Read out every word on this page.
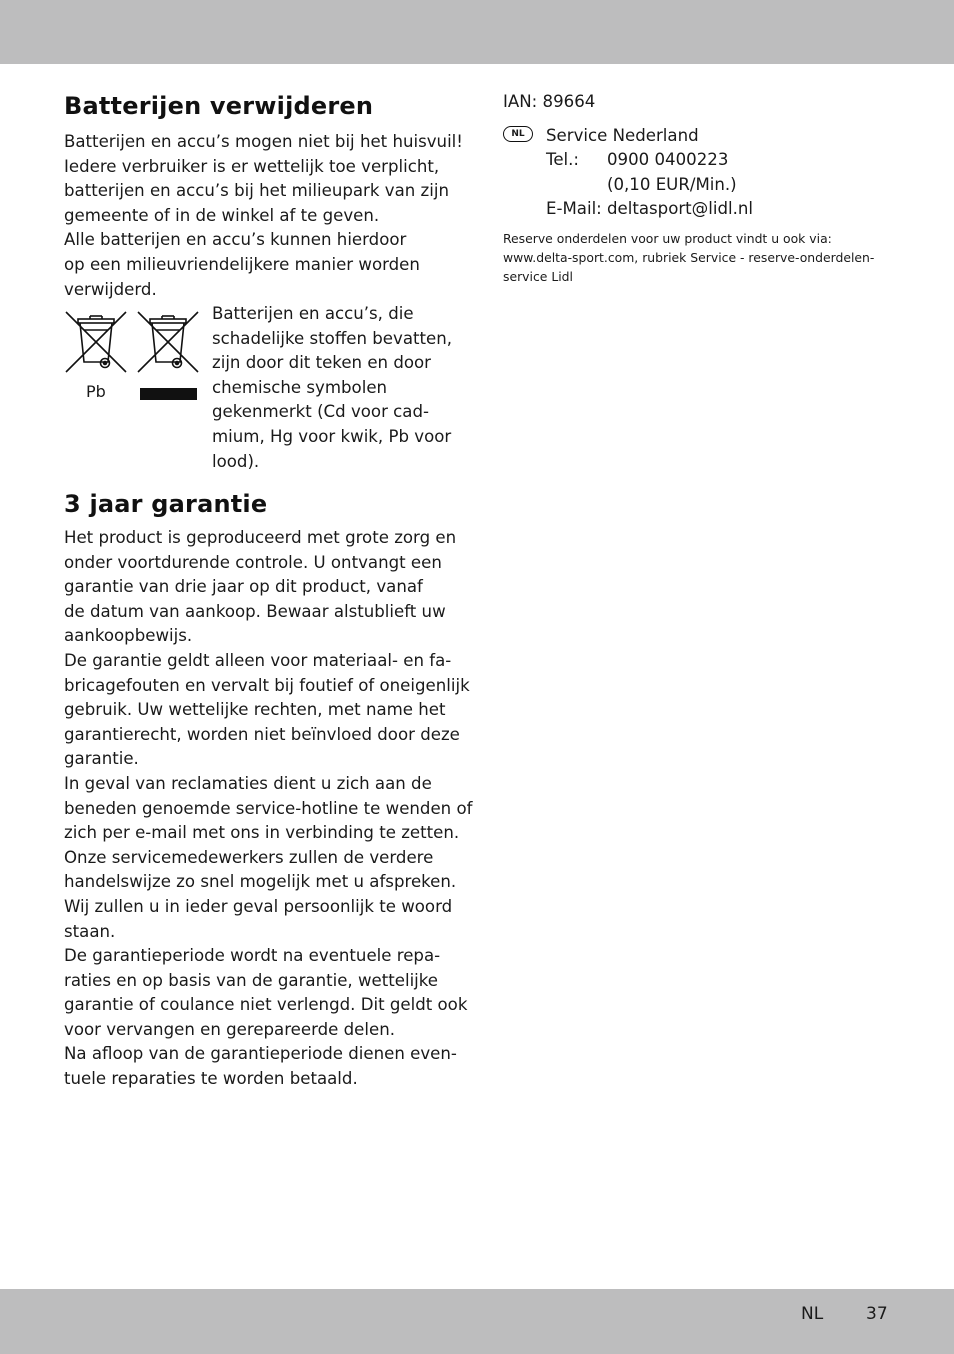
Batterijen verwijderen

Batterijen en accu’s mogen niet bij het huisvuil!

Iedere verbruiker is er wettelijk toe verplicht,

batterijen en accu’s bij het milieupark van zijn

gemeente of in de winkel af te geven.

Alle batterijen en accu’s kunnen hierdoor

op een milieuvriendelijkere manier worden

verwijderd.

Pb

Batterijen en accu’s, die

schadelijke stoffen bevatten,

zijn door dit teken en door

chemische symbolen

gekenmerkt (Cd voor cad-

mium, Hg voor kwik, Pb voor

lood).

3 jaar garantie

Het product is geproduceerd met grote zorg en

onder voortdurende controle. U ontvangt een

garantie van drie jaar op dit product, vanaf

de datum van aankoop. Bewaar alstublieft uw

aankoopbewijs.

De garantie geldt alleen voor materiaal- en fa-

bricagefouten en vervalt bij foutief of oneigenlijk

gebruik. Uw wettelijke rechten, met name het

garantierecht, worden niet beïnvloed door deze

garantie.

In geval van reclamaties dient u zich aan de

beneden genoemde service-hotline te wenden of

zich per e-mail met ons in verbinding te zetten.

Onze servicemedewerkers zullen de verdere

handelswijze zo snel mogelijk met u afspreken.

Wij zullen u in ieder geval persoonlijk te woord

staan.

De garantieperiode wordt na eventuele repa-

raties en op basis van de garantie, wettelijke

garantie of coulance niet verlengd. Dit geldt ook

voor vervangen en gerepareerde delen.

Na afloop van de garantieperiode dienen even-

tuele reparaties te worden betaald.

IAN: 89664
NL	Service Nederland
Tel.: 0900 0400223
(0,10 EUR/Min.)
E-Mail: deltasport@lidl.nl
Reserve onderdelen voor uw product vindt u ook via:
www.delta-sport.com, rubriek Service - reserve-onderdelen-
service Lidl
NL	37
